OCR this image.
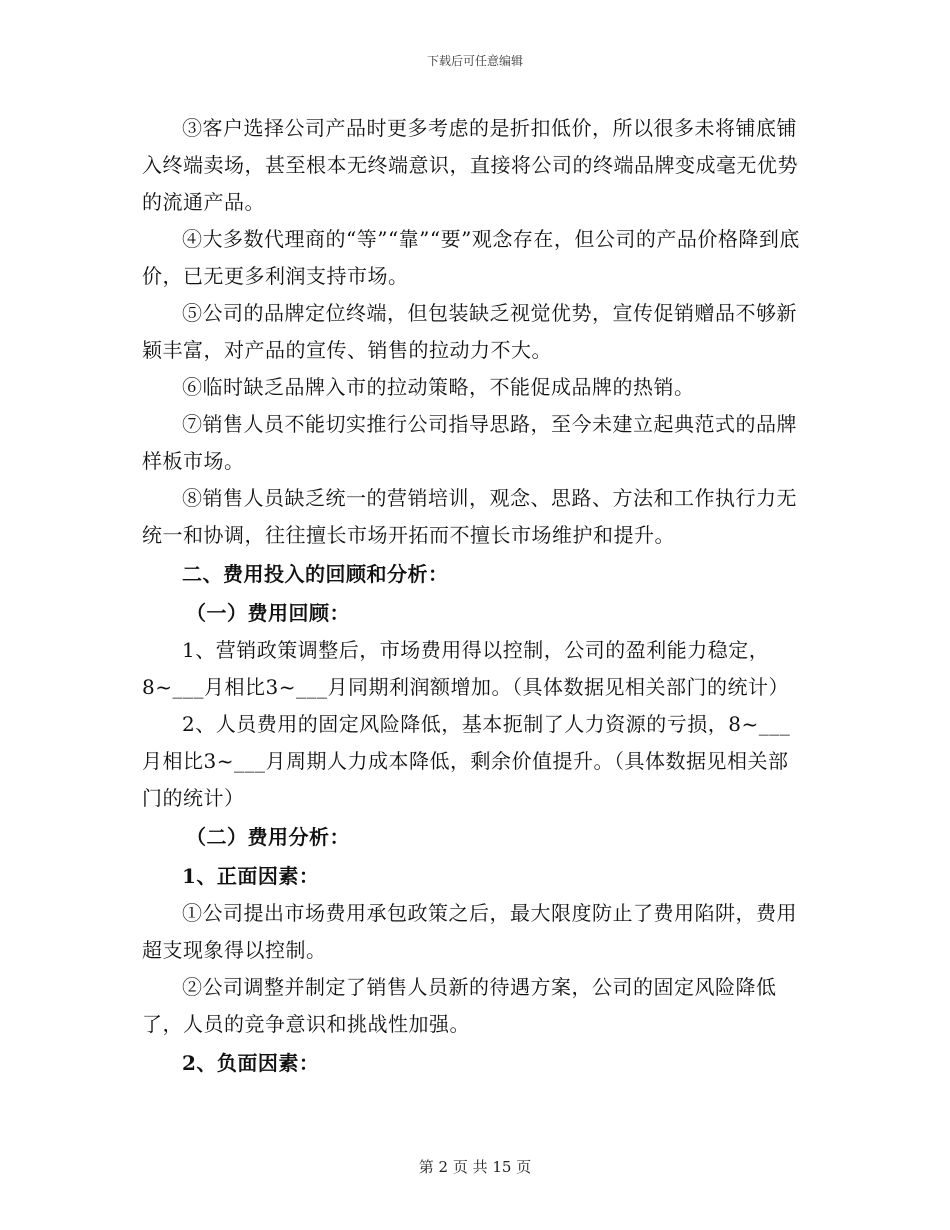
下载后可任意编辑

③客户选择公司产品时更多考虑的是折扣低价，所以很多未将铺底铺入终端卖场，甚至根本无终端意识，直接将公司的终端品牌变成毫无优势的流通产品。

④大多数代理商的“等”“靠”“要”观念存在，但公司的产品价格降到底价，已无更多利润支持市场。

⑤公司的品牌定位终端，但包装缺乏视觉优势，宣传促销赠品不够新颖丰富，对产品的宣传、销售的拉动力不大。

⑥临时缺乏品牌入市的拉动策略，不能促成品牌的热销。

⑦销售人员不能切实推行公司指导思路，至今未建立起典范式的品牌样板市场。

⑧销售人员缺乏统一的营销培训，观念、思路、方法和工作执行力无统一和协调，往往擅长市场开拓而不擅长市场维护和提升。

二、费用投入的回顾和分析：

（一）费用回顾：

1、营销政策调整后，市场费用得以控制，公司的盈利能力稳定，8~___月相比3~___月同期利润额增加。（具体数据见相关部门的统计）

2、人员费用的固定风险降低，基本扼制了人力资源的亏损，8~___月相比3~___月周期人力成本降低，剩余价值提升。（具体数据见相关部门的统计）

（二）费用分析：

1、正面因素：

①公司提出市场费用承包政策之后，最大限度防止了费用陷阱，费用超支现象得以控制。

②公司调整并制定了销售人员新的待遇方案，公司的固定风险降低了，人员的竞争意识和挑战性加强。

2、负面因素：

第 2 页 共 15 页
